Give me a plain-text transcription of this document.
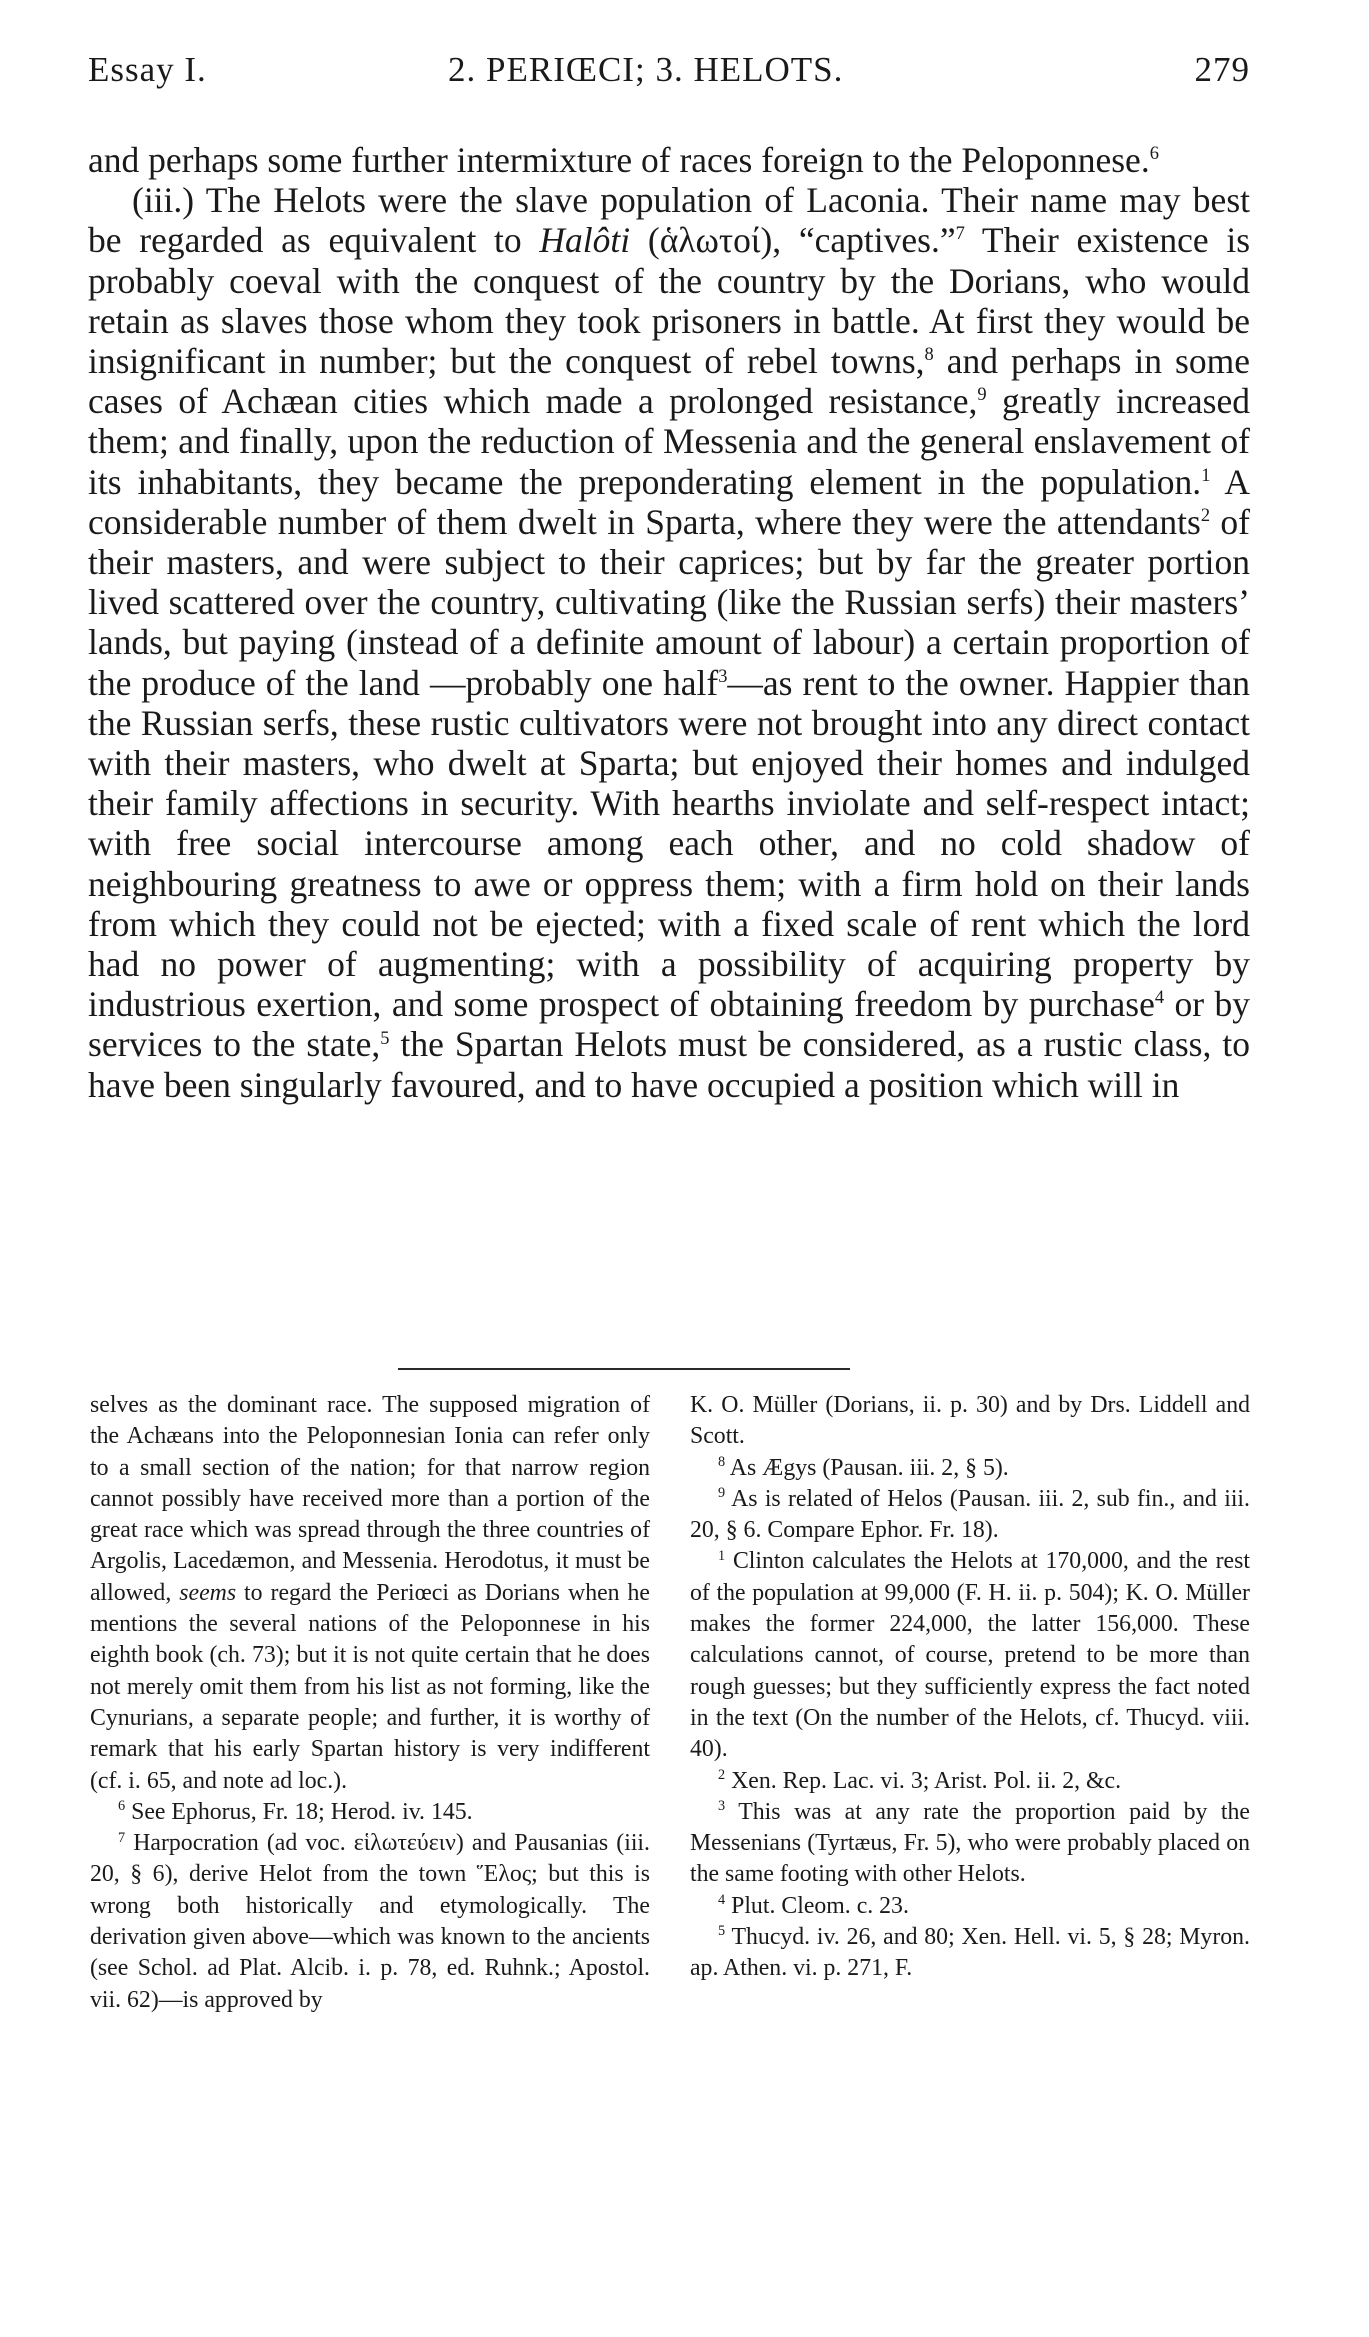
Essay I.	2. PERIŒCI; 3. HELOTS.	279

and perhaps some further intermixture of races foreign to the Peloponnese.$^6$

(iii.) The Helots were the slave population of Laconia. Their name may best be regarded as equivalent to Halôti (ἁλωτοί), “captives.”$^7$ Their existence is probably coeval with the conquest of the country by the Dorians, who would retain as slaves those whom they took prisoners in battle. At first they would be insignificant in number; but the conquest of rebel towns,$^8$ and perhaps in some cases of Achæan cities which made a prolonged resistance,$^9$ greatly increased them; and finally, upon the reduction of Messenia and the general enslavement of its inhabitants, they became the preponderating element in the population.$^1$ A considerable number of them dwelt in Sparta, where they were the attendants$^2$ of their masters, and were subject to their caprices; but by far the greater portion lived scattered over the country, cultivating (like the Russian serfs) their masters’ lands, but paying (instead of a definite amount of labour) a certain proportion of the produce of the land —probably one half$^3$—as rent to the owner. Happier than the Russian serfs, these rustic cultivators were not brought into any direct contact with their masters, who dwelt at Sparta; but enjoyed their homes and indulged their family affections in security. With hearths inviolate and self-respect intact; with free social intercourse among each other, and no cold shadow of neighbouring greatness to awe or oppress them; with a firm hold on their lands from which they could not be ejected; with a fixed scale of rent which the lord had no power of augmenting; with a possibility of acquiring property by industrious exertion, and some prospect of obtaining freedom by purchase$^4$ or by services to the state,$^5$ the Spartan Helots must be considered, as a rustic class, to have been singularly favoured, and to have occupied a position which will in

selves as the dominant race. The supposed migration of the Achæans into the Peloponnesian Ionia can refer only to a small section of the nation; for that narrow region cannot possibly have received more than a portion of the great race which was spread through the three countries of Argolis, Lacedæmon, and Messenia. Herodotus, it must be allowed, seems to regard the Periœci as Dorians when he mentions the several nations of the Peloponnese in his eighth book (ch. 73); but it is not quite certain that he does not merely omit them from his list as not forming, like the Cynurians, a separate people; and further, it is worthy of remark that his early Spartan history is very indifferent (cf. i. 65, and note ad loc.).

$^6$ See Ephorus, Fr. 18; Herod. iv. 145.

$^7$ Harpocration (ad voc. εἱλωτεύειν) and Pausanias (iii. 20, § 6), derive Helot from the town Ἕλος; but this is wrong both historically and etymologically. The derivation given above—which was known to the ancients (see Schol. ad Plat. Alcib. i. p. 78, ed. Ruhnk.; Apostol. vii. 62)—is approved by

K. O. Müller (Dorians, ii. p. 30) and by Drs. Liddell and Scott.

$^8$ As Ægys (Pausan. iii. 2, § 5).

$^9$ As is related of Helos (Pausan. iii. 2, sub fin., and iii. 20, § 6. Compare Ephor. Fr. 18).

$^1$ Clinton calculates the Helots at 170,000, and the rest of the population at 99,000 (F. H. ii. p. 504); K. O. Müller makes the former 224,000, the latter 156,000. These calculations cannot, of course, pretend to be more than rough guesses; but they sufficiently express the fact noted in the text (On the number of the Helots, cf. Thucyd. viii. 40).

$^2$ Xen. Rep. Lac. vi. 3; Arist. Pol. ii. 2, &c.

$^3$ This was at any rate the proportion paid by the Messenians (Tyrtæus, Fr. 5), who were probably placed on the same footing with other Helots.

$^4$ Plut. Cleom. c. 23.

$^5$ Thucyd. iv. 26, and 80; Xen. Hell. vi. 5, § 28; Myron. ap. Athen. vi. p. 271, F.
